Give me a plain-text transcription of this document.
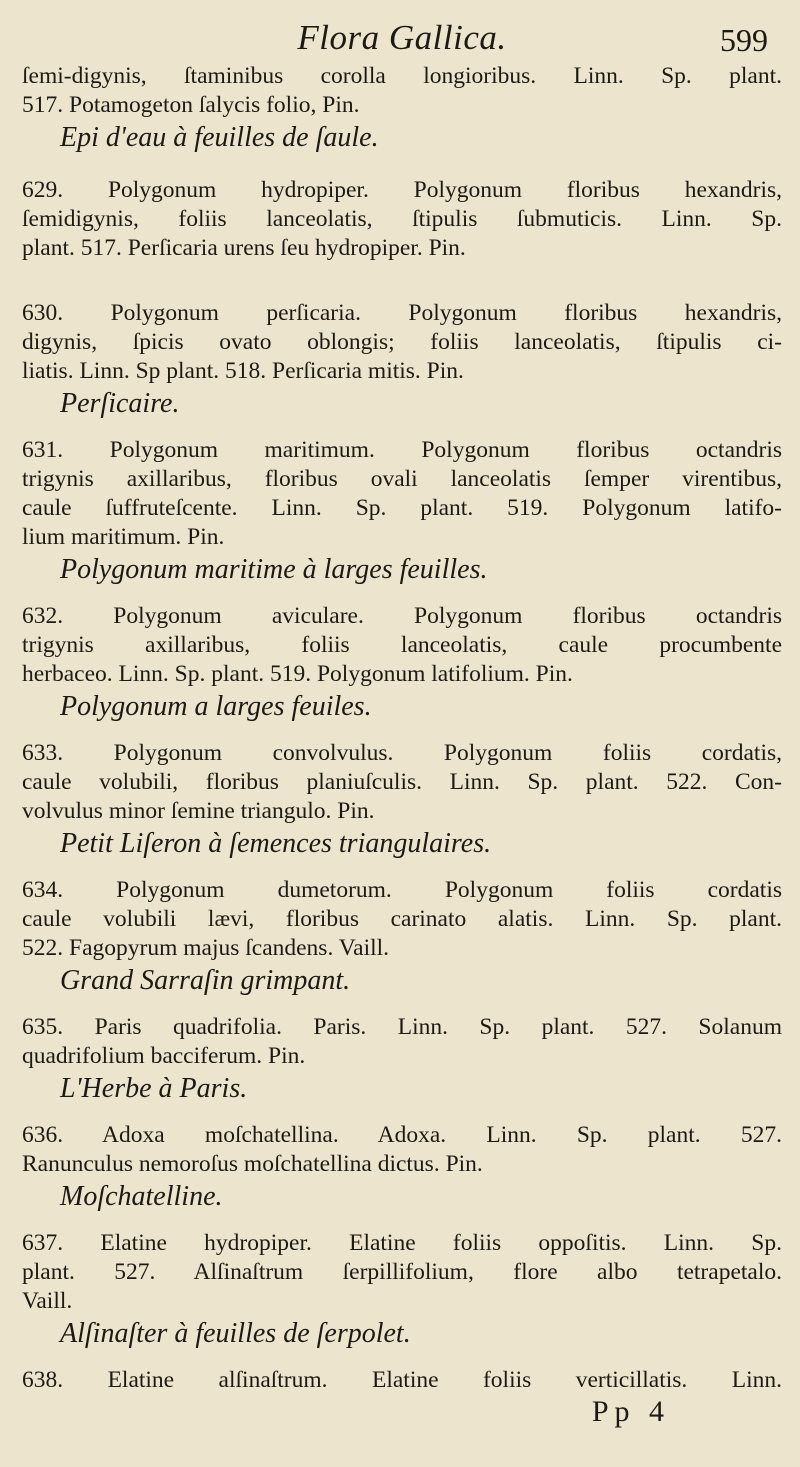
Flora Gallica.	599
ſemi-digynis, ſtaminibus corolla longioribus. Linn. Sp. plant.
517. Potamogeton ſalycis folio, Pin.
Epi d'eau à feuilles de ſaule.
629. Polygonum hydropiper. Polygonum floribus hexandris,
ſemidigynis, foliis lanceolatis, ſtipulis ſubmuticis. Linn. Sp.
plant. 517. Perſicaria urens ſeu hydropiper. Pin.
630. Polygonum perſicaria. Polygonum floribus hexandris,
digynis, ſpicis ovato oblongis; foliis lanceolatis, ſtipulis ci-
liatis. Linn. Sp plant. 518. Perſicaria mitis. Pin.
Perſicaire.
631. Polygonum maritimum. Polygonum floribus octandris
trigynis axillaribus, floribus ovali lanceolatis ſemper virentibus,
caule ſuffruteſcente. Linn. Sp. plant. 519. Polygonum latifo-
lium maritimum. Pin.
Polygonum maritime à larges feuilles.
632. Polygonum aviculare. Polygonum floribus octandris
trigynis axillaribus, foliis lanceolatis, caule procumbente
herbaceo. Linn. Sp. plant. 519. Polygonum latifolium. Pin.
Polygonum a larges feuiles.
633. Polygonum convolvulus. Polygonum foliis cordatis,
caule volubili, floribus planiuſculis. Linn. Sp. plant. 522. Con-
volvulus minor ſemine triangulo. Pin.
Petit Liſeron à ſemences triangulaires.
634. Polygonum dumetorum. Polygonum foliis cordatis
caule volubili lævi, floribus carinato alatis. Linn. Sp. plant.
522. Fagopyrum majus ſcandens. Vaill.
Grand Sarraſin grimpant.
635. Paris quadrifolia. Paris. Linn. Sp. plant. 527. Solanum
quadrifolium bacciferum. Pin.
L'Herbe à Paris.
636. Adoxa moſchatellina. Adoxa. Linn. Sp. plant. 527.
Ranunculus nemoroſus moſchatellina dictus. Pin.
Moſchatelline.
637. Elatine hydropiper. Elatine foliis oppoſitis. Linn. Sp.
plant. 527. Alſinaſtrum ſerpillifolium, flore albo tetrapetalo.
Vaill.
Alſinaſter à feuilles de ſerpolet.
638. Elatine alſinaſtrum. Elatine foliis verticillatis. Linn.
Pp 4
